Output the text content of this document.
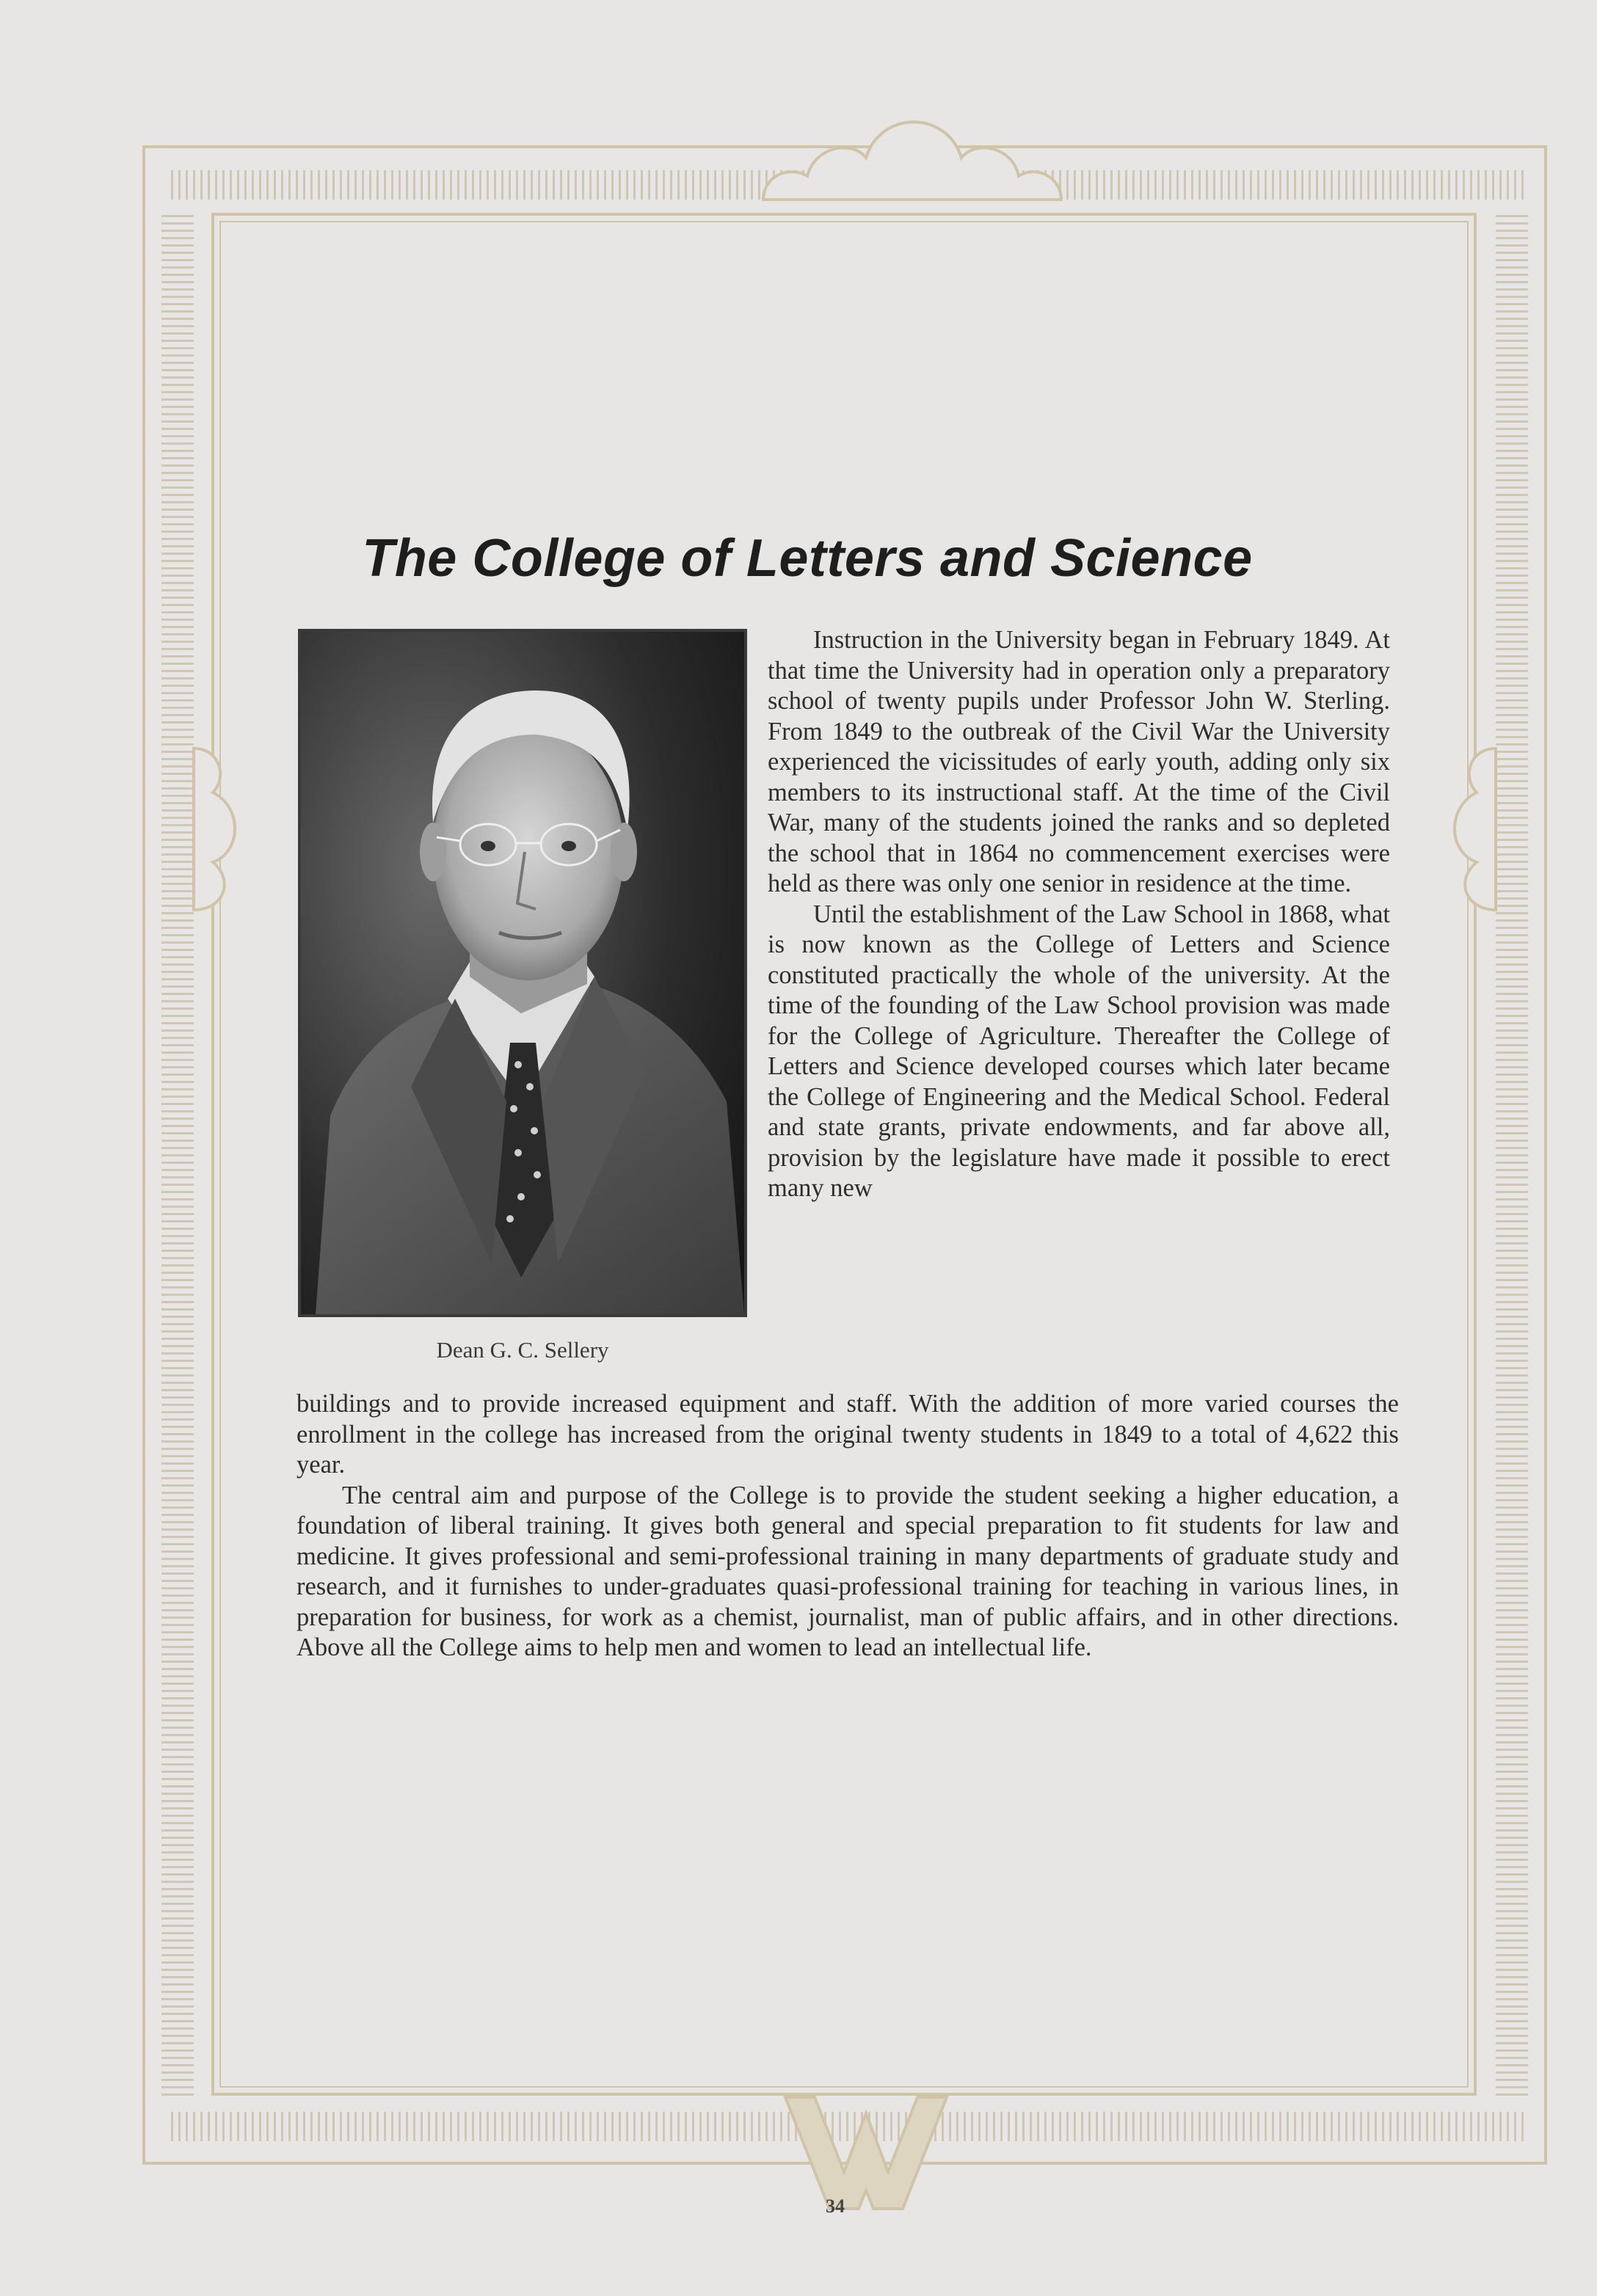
The College of Letters and Science
Dean G. C. Sellery

Instruction in the University began in February 1849. At that time the University had in operation only a preparatory school of twenty pupils under Professor John W. Sterling. From 1849 to the outbreak of the Civil War the University experienced the vicissitudes of early youth, adding only six members to its instructional staff. At the time of the Civil War, many of the students joined the ranks and so depleted the school that in 1864 no commencement exercises were held as there was only one senior in residence at the time.

Until the establishment of the Law School in 1868, what is now known as the College of Letters and Science constituted practically the whole of the university. At the time of the founding of the Law School provision was made for the College of Agriculture. Thereafter the College of Letters and Science developed courses which later became the College of Engineering and the Medical School. Federal and state grants, private endowments, and far above all, provision by the legislature have made it possible to erect many new

buildings and to provide increased equipment and staff. With the addition of more varied courses the enrollment in the college has increased from the original twenty students in 1849 to a total of 4,622 this year.

The central aim and purpose of the College is to provide the student seeking a higher education, a foundation of liberal training. It gives both general and special preparation to fit students for law and medicine. It gives professional and semi-professional training in many departments of graduate study and research, and it furnishes to under-graduates quasi-professional training for teaching in various lines, in preparation for business, for work as a chemist, journalist, man of public affairs, and in other directions. Above all the College aims to help men and women to lead an intellectual life.

34
